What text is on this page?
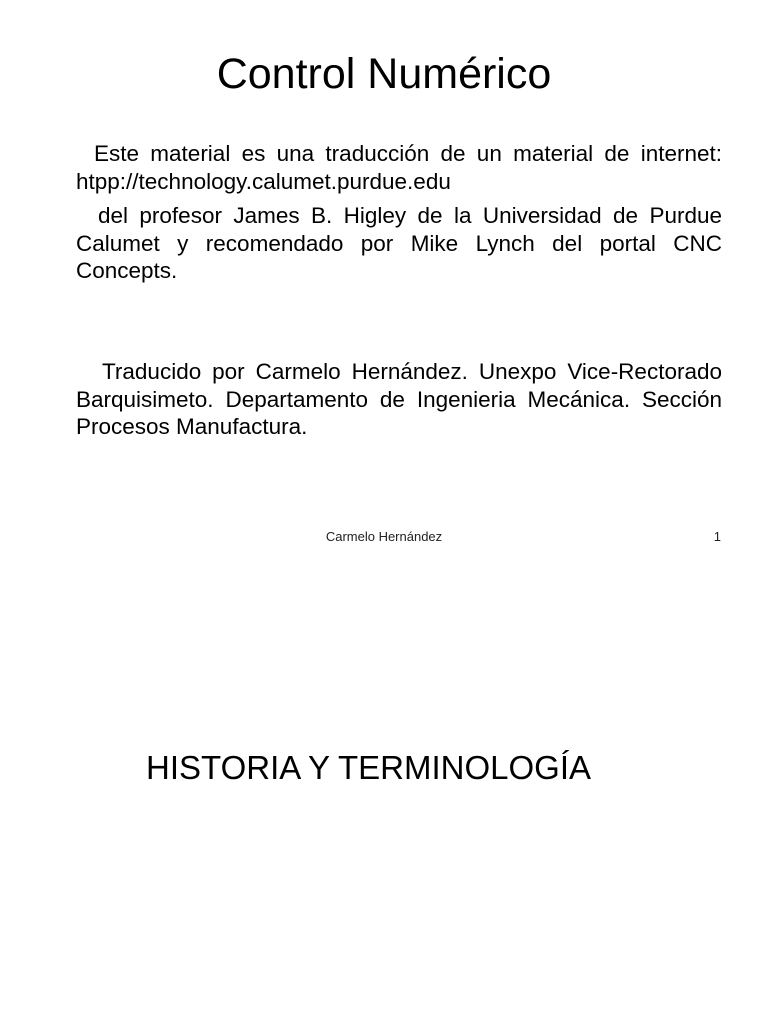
Control Numérico

Este material es una traducción de un material de internet: htpp://technology.calumet.purdue.edu

del profesor James B. Higley de la Universidad de Purdue Calumet y recomendado por Mike Lynch del portal CNC Concepts.

Traducido por Carmelo Hernández. Unexpo Vice-Rectorado Barquisimeto. Departamento de Ingenieria Mecánica. Sección Procesos Manufactura.

Carmelo Hernández	1
HISTORIA Y TERMINOLOGÍA
